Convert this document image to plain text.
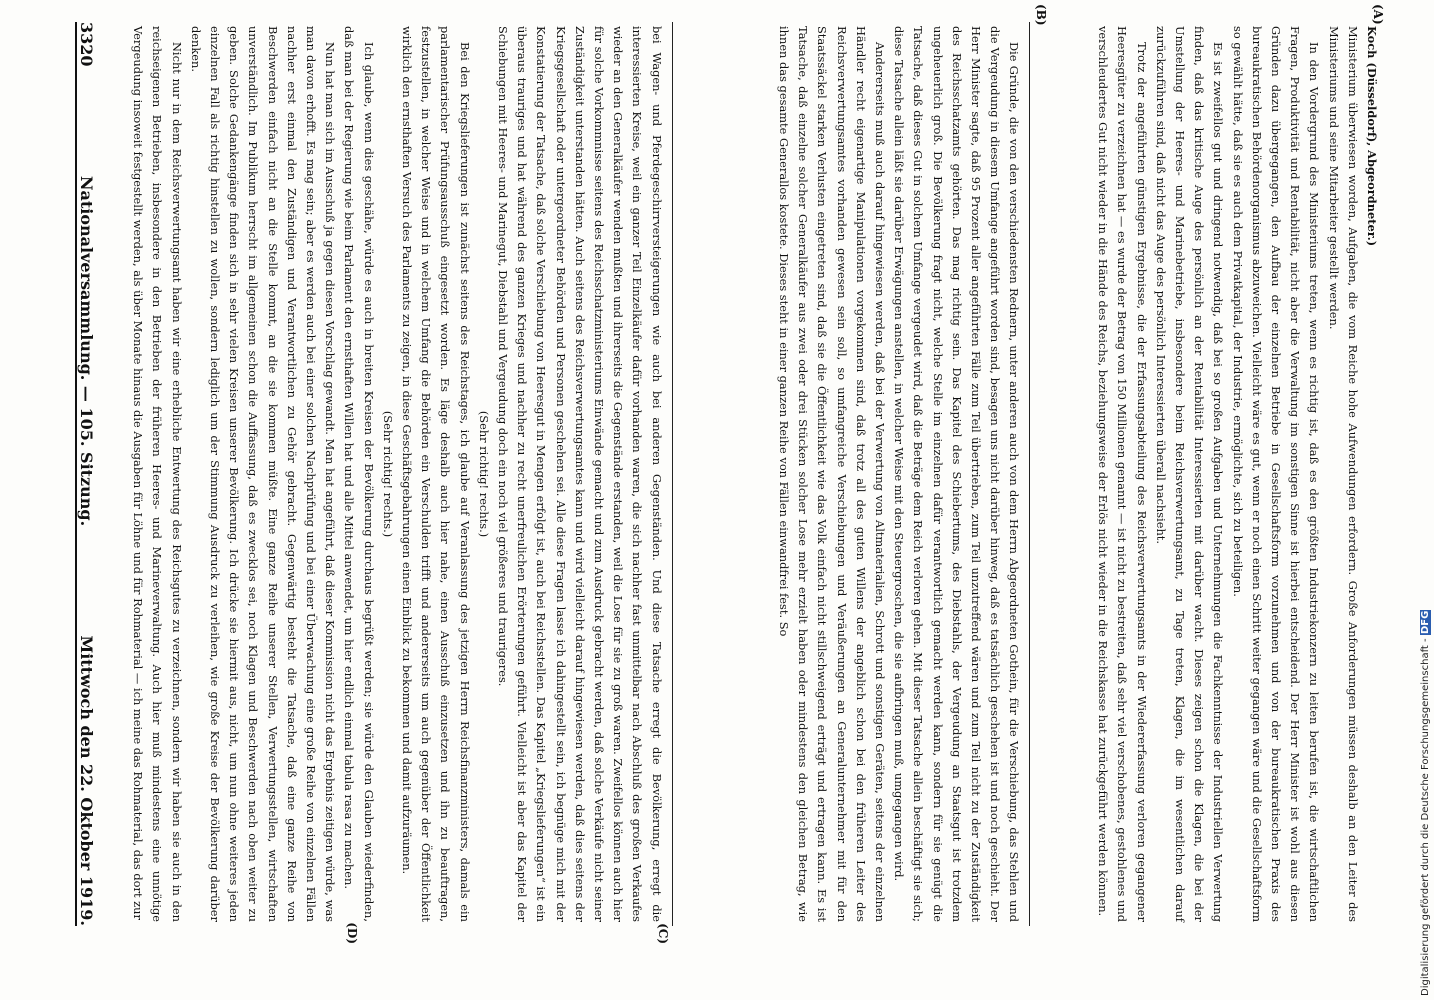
Digitalisierung gefördert durch die Deutsche Forschungsgemeinschaft - DFG
(A)
(B)

Koch (Düsseldorf), Abgeordneter.)

Ministerium überwiesen worden, Aufgaben, die vom Reiche hohe Aufwendungen erfordern. Große Anforderungen müssen deshalb an den Leiter des Ministeriums und seine Mitarbeiter gestellt werden.

In den Vordergrund des Ministeriums treten, wenn es richtig ist, daß es den größten Industriekonzern zu leiten berufen ist, die wirtschaftlichen Fragen, Produktivität und Rentabilität, nicht aber die Verwaltung im sonstigen Sinne ist hierbei entscheidend. Der Herr Minister ist wohl aus diesen Gründen dazu übergegangen, den Aufbau der einzelnen Betriebe in Gesellschaftsform vorzunehmen und von der bureaukratischen Praxis des bureaukratischen Behördenorganismus abzuweichen. Vielleicht wäre es gut, wenn er noch einen Schritt weiter gegangen wäre und die Gesellschaftsform so gewählt hätte, daß sie es auch dem Privatkapital, der Industrie, ermöglichte, sich zu beteiligen.

Es ist zweifellos gut und dringend notwendig, daß bei so großen Aufgaben und Unternehmungen die Fachkenntnisse der Industriellen Verwertung finden, daß das kritische Auge des persönlich an der Rentabilität Interessierten mit darüber wacht. Dieses zeigen schon die Klagen, die bei der Umstellung der Heeres- und Marinebetriebe, insbesondere beim Reichsverwertungsamt, zu Tage treten, Klagen, die im wesentlichen darauf zurückzuführen sind, daß nicht das Auge des persönlich Interessierten überall nachsieht.

Trotz der angeführten günstigen Ergebnisse, die der Erfassungsabteilung des Reichsverwertungsamts in der Wiedererfassung verloren gegangener Heeresgüter zu verzeichnen hat — es wurde der Betrag von 150 Millionen genannt — ist nicht zu bestreiten, daß sehr viel verschobenes, gestohlenes und verschleudertes Gut nicht wieder in die Hände des Reichs, beziehungsweise der Erlös nicht wieder in die Reichskasse hat zurückgeführt werden können.

Die Gründe, die von den verschiedensten Rednern, unter anderen auch von dem Herrn Abgeordneten Gothein, für die Verschiebung, das Stehlen und die Vergeudung in diesem Umfange angeführt worden sind, besagen uns nicht darüber hinweg, daß es tatsächlich geschehen ist und noch geschieht. Der Herr Minister sagte, daß 95 Prozent aller angeführten Fälle zum Teil übertrieben, zum Teil unzutreffend wären und zum Teil nicht zu der Zuständigkeit des Reichsschatzamts gehörten. Das mag richtig sein. Das Kapitel des Schiebertums, des Diebstahls, der Vergeudung an Staatsgut ist trotzdem ungeheuerlich groß. Die Bevölkerung fragt nicht, welche Stelle im einzelnen dafür verantwortlich gemacht werden kann, sondern für sie genügt die Tatsache, daß dieses Gut in solchem Umfange vergeudet wird, daß die Beträge dem Reich verloren gehen. Mit dieser Tatsache allein beschäftigt sie sich; diese Tatsache allein läßt sie darüber Erwägungen anstellen, in welcher Weise mit den Steuergroschen, die sie aufbringen muß, umgegangen wird.

Andererseits muß auch darauf hingewiesen werden, daß bei der Verwertung von Altmaterialien, Schrott und sonstigen Geräten, seitens der einzelnen Händler recht eigenartige Manipulationen vorgekommen sind, daß trotz all des guten Willens der angeblich schon bei den früheren Leiter des Reichsverwertungsamtes vorhanden gewesen sein soll, so umfangreiche Verschiebungen und Veräußerungen an Generalunternehmer mit für den Staatssäckel starken Verlusten eingetreten sind, daß sie die Öffentlichkeit wie das Volk einfach nicht stillschweigend erträgt und ertragen kann. Es ist Tatsache, daß einzelne solcher Generalkäufer aus zwei oder drei Stücken solcher Lose mehr erzielt haben oder mindestens den gleichen Betrag, wie ihnen das gesamte Generallos kostete. Dieses steht in einer ganzen Reihe von Fällen einwandfrei fest. So

(C)
(D)

bei Wagen- und Pferdegeschirrversteigerungen wie auch bei anderen Gegenständen. Und diese Tatsache erregt die Bevölkerung, erregt die interessierten Kreise, weil ein ganzer Teil Einzelkäufer dafür vorhanden waren, die sich nachher fast unmittelbar nach Abschluß des großen Verkaufes wieder an den Generalkäufer wenden mußten und ihrerseits die Gegenstände erstanden, weil die Lose für sie zu groß waren. Zweifellos können auch hier für solche Vorkommnisse seitens des Reichsschatzministeriums Einwände gemacht und zum Ausdruck gebracht werden, daß solche Verkäufe nicht seiner Zuständigkeit unterstanden hätten. Auch seitens des Reichsverwertungsamtes kann und wird vielleicht darauf hingewiesen werden, daß dies seitens der Kriegsgesellschaft oder untergeordneter Behörden und Personen geschehen sei. Alle diese Fragen lasse ich dahingestellt sein, ich begnüge mich mit der Konstatierung der Tatsache, daß solche Verschiebung von Heeresgut in Mengen erfolgt ist, auch bei Reichsstellen. Das Kapitel „Kriegslieferungen“ ist ein überaus trauriges und hat während des ganzen Krieges und nachher zu recht unerfreulichen Erörterungen geführt. Vielleicht ist aber das Kapitel der Schiebungen mit Heeres- und Marinegut, Diebstahl und Vergeudung doch ein noch viel größeres und traurigeres.

(Sehr richtig! rechts.)

Bei den Kriegslieferungen ist zunächst seitens des Reichstages, ich glaube auf Veranlassung des jetzigen Herrn Reichsfinanzministers, damals ein parlamentarischer Prüfungsausschuß eingesetzt worden. Es läge deshalb auch hier nahe, einen Ausschuß einzusetzen und ihn zu beauftragen, festzustellen, in welcher Weise und in welchem Umfang die Behörden ein Verschulden trifft und andererseits um auch gegenüber der Öffentlichkeit wirklich den ernsthaften Versuch des Parlaments zu zeigen, in diese Geschäftsgebahrungen einen Einblick zu bekommen und damit aufzuräumen.

(Sehr richtig! rechts.)

Ich glaube, wenn dies geschähe, würde es auch in breiten Kreisen der Bevölkerung durchaus begrüßt werden; sie würde den Glauben wiederfinden, daß man bei der Regierung wie beim Parlament den ernsthaften Willen hat und alle Mittel anwendet, um hier endlich einmal tabula rasa zu machen.

Nun hat man sich im Ausschuß ja gegen diesen Vorschlag gewandt. Man hat angeführt, daß dieser Kommission nicht das Ergebnis zeitigen würde, was man davon erhofft. Es mag sein; aber es werden auch bei einer solchen Nachprüfung und bei einer Überwachung eine große Reihe von einzelnen Fällen nachher erst einmal den Zuständigen und Verantwortlichen zu Gehör gebracht. Gegenwärtig besteht die Tatsache, daß eine ganze Reihe von Beschwerden einfach nicht an die Stelle kommt, an die sie kommen müßte. Eine ganze Reihe unserer Stellen, Verwertungsstellen, wirtschaften unverständlich. Im Publikum herrscht im allgemeinen schon die Auffassung, daß es zwecklos sei, noch Klagen und Beschwerden nach oben weiter zu geben. Solche Gedankengänge finden sich in sehr vielen Kreisen unserer Bevölkerung. Ich drücke sie hiermit aus, nicht, um nun ohne weiteres jeden einzelnen Fall als richtig hinstellen zu wollen, sondern lediglich um der Stimmung Ausdruck zu verleihen, wie große Kreise der Bevölkerung darüber denken.

Nicht nur in dem Reichsverwertungsamt haben wir eine erhebliche Entwertung des Reichsgutes zu verzeichnen, sondern wir haben sie auch in den reichseigenen Betrieben, insbesondere in den Betrieben der früheren Heeres- und Marineverwaltung. Auch hier muß mindestens eine unnötige Vergeudung insoweit festgestellt werden, als über Monate hinaus die Ausgaben für Löhne und für Rohmaterial — ich meine das Rohmaterial, das dort zur

3320
Nationalversammlung. — 105. Sitzung.
Mittwoch den 22. Oktober 1919.
